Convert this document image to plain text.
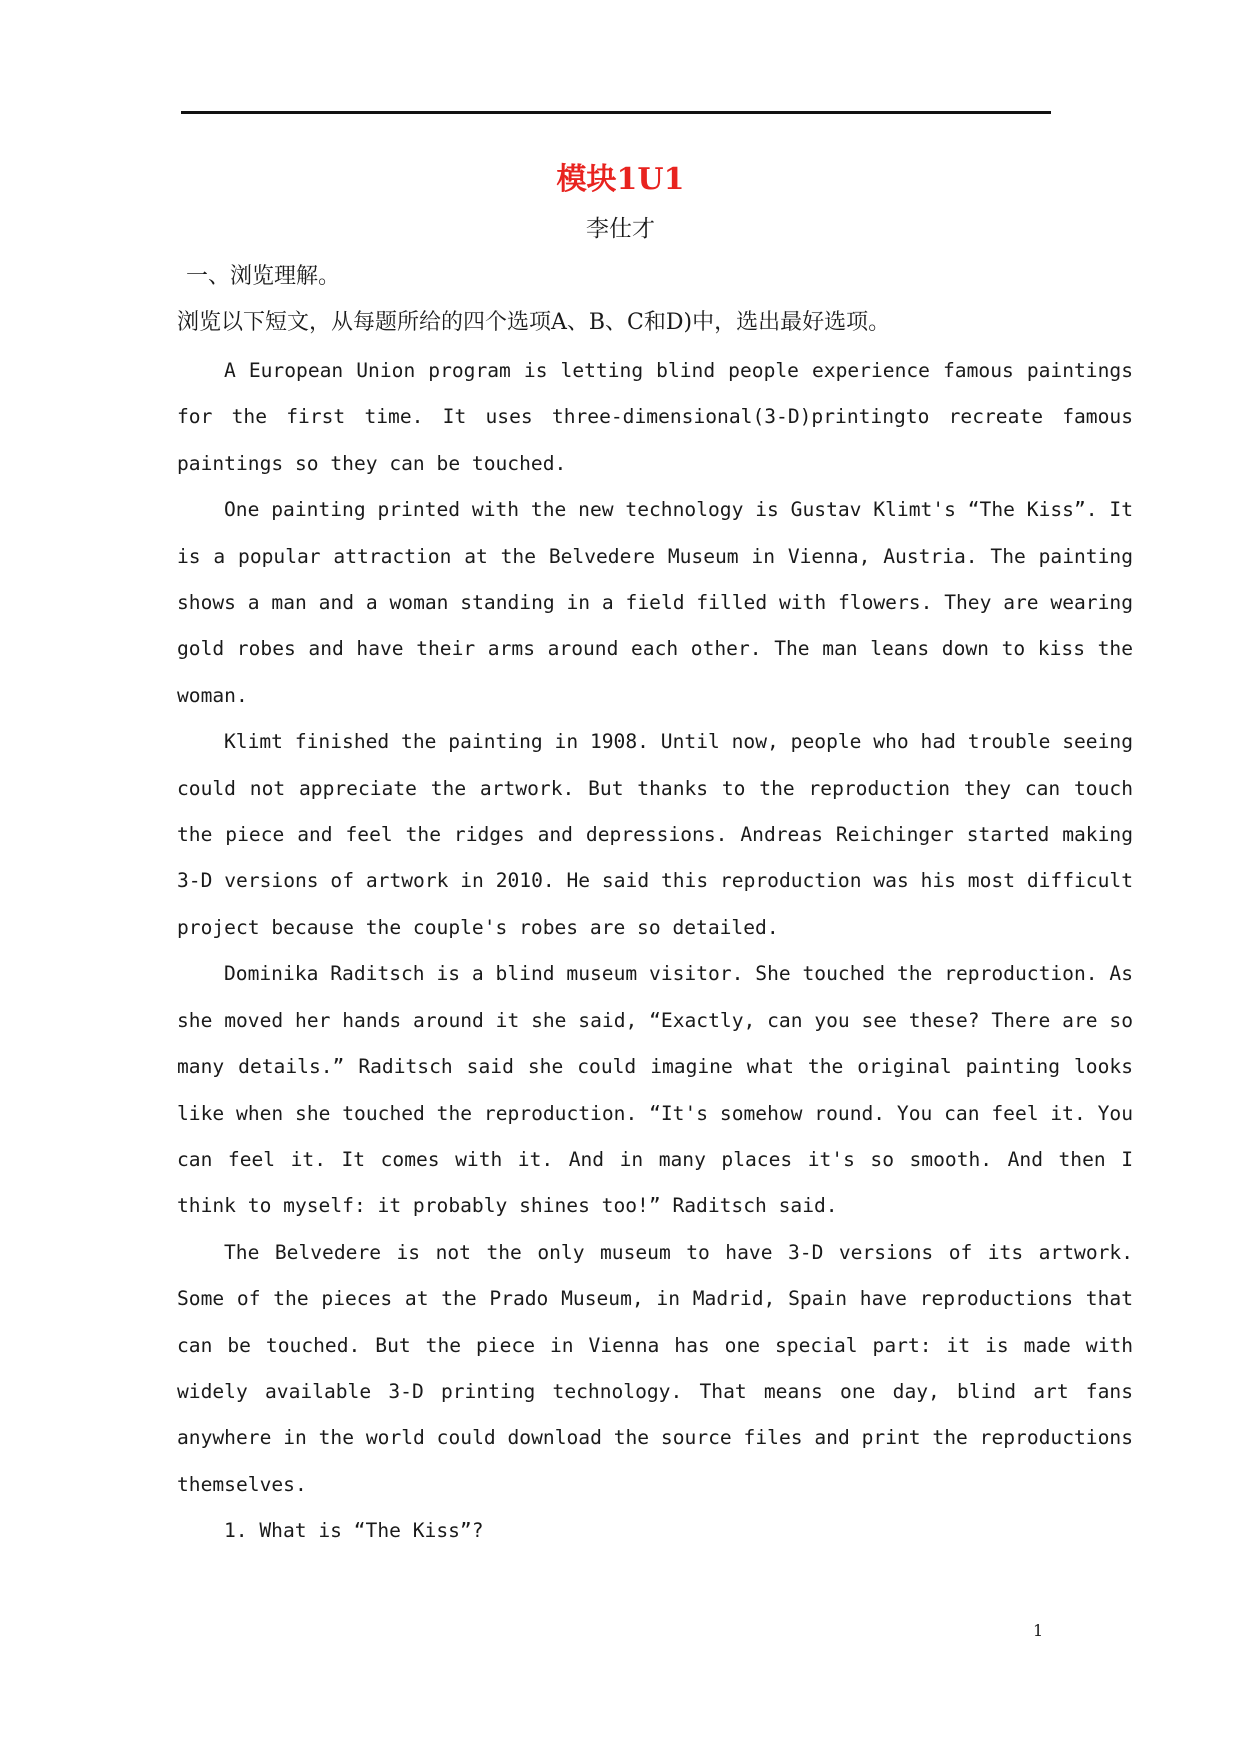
模块1U1
李仕才
一、浏览理解。
浏览以下短文，从每题所给的四个选项A、B、C和D)中，选出最好选项。

A European Union program is letting blind people experience famous paintings for the first time. It uses three-dimensional(3-D)printingto recreate famous paintings so they can be touched.

One painting printed with the new technology is Gustav Klimt's “The Kiss”. It is a popular attraction at the Belvedere Museum in Vienna, Austria. The painting shows a man and a woman standing in a field filled with flowers. They are wearing gold robes and have their arms around each other. The man leans down to kiss the woman.

Klimt finished the painting in 1908. Until now, people who had trouble seeing could not appreciate the artwork. But thanks to the reproduction they can touch the piece and feel the ridges and depressions. Andreas Reichinger started making 3-D versions of artwork in 2010. He said this reproduction was his most difficult project because the couple's robes are so detailed.

Dominika Raditsch is a blind museum visitor. She touched the reproduction. As she moved her hands around it she said, “Exactly, can you see these? There are so many details.” Raditsch said she could imagine what the original painting looks like when she touched the reproduction. “It's somehow round. You can feel it. You can feel it. It comes with it. And in many places it's so smooth. And then I think to myself: it probably shines too!” Raditsch said.

The Belvedere is not the only museum to have 3-D versions of its artwork. Some of the pieces at the Prado Museum, in Madrid, Spain have reproductions that can be touched. But the piece in Vienna has one special part: it is made with widely available 3-D printing technology. That means one day, blind art fans anywhere in the world could download the source files and print the reproductions themselves.

1. What is “The Kiss”?

1
